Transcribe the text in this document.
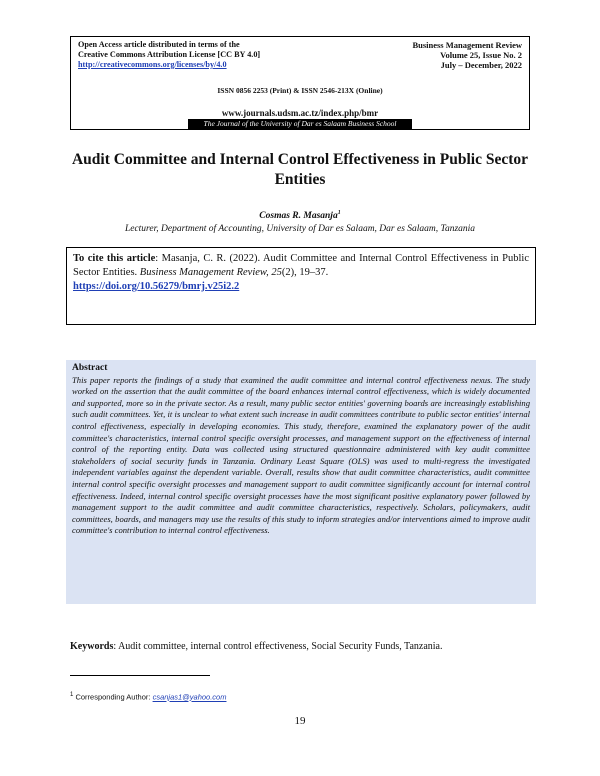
Open Access article distributed in terms of the
Creative Commons Attribution License [CC BY 4.0]
http://creativecommons.org/licenses/by/4.0
Business Management Review
Volume 25, Issue No. 2
July – December, 2022
ISSN 0856 2253 (Print) & ISSN 2546-213X (Online)
www.journals.udsm.ac.tz/index.php/bmr
The Journal of the University of Dar es Salaam Business School
Audit Committee and Internal Control Effectiveness in Public Sector Entities
Cosmas R. Masanja$^1$
Lecturer, Department of Accounting, University of Dar es Salaam, Dar es Salaam, Tanzania
To cite this article: Masanja, C. R. (2022). Audit Committee and Internal Control Effectiveness in Public Sector Entities. Business Management Review, 25(2), 19–37.
https://doi.org/10.56279/bmrj.v25i2.2
Abstract
This paper reports the findings of a study that examined the audit committee and internal control effectiveness nexus. The study worked on the assertion that the audit committee of the board enhances internal control effectiveness, which is widely documented and supported, more so in the private sector. As a result, many public sector entities' governing boards are increasingly establishing such audit committees. Yet, it is unclear to what extent such increase in audit committees contribute to public sector entities' internal control effectiveness, especially in developing economies. This study, therefore, examined the explanatory power of the audit committee's characteristics, internal control specific oversight processes, and management support on the effectiveness of internal control of the reporting entity. Data was collected using structured questionnaire administered with key audit committee stakeholders of social security funds in Tanzania. Ordinary Least Square (OLS) was used to multi-regress the investigated independent variables against the dependent variable. Overall, results show that audit committee characteristics, audit committee internal control specific oversight processes and management support to audit committee significantly account for internal control effectiveness. Indeed, internal control specific oversight processes have the most significant positive explanatory power followed by management support to the audit committee and audit committee characteristics, respectively. Scholars, policymakers, audit committees, boards, and managers may use the results of this study to inform strategies and/or interventions aimed to improve audit committee's contribution to internal control effectiveness.
Keywords: Audit committee, internal control effectiveness, Social Security Funds, Tanzania.
$^1$ Corresponding Author: csanjas1@yahoo.com
19
